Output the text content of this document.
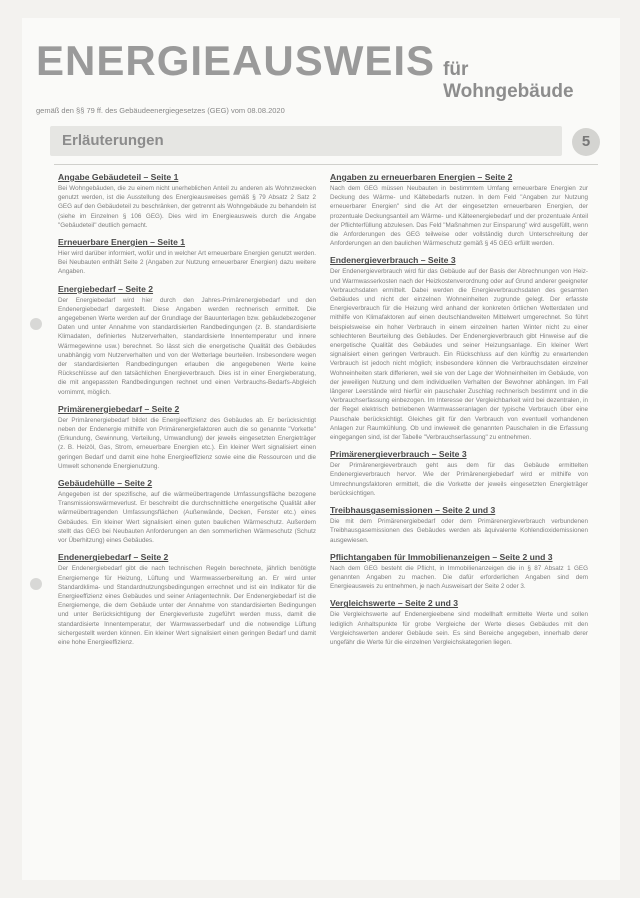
ENERGIEAUSWEIS für Wohngebäude
gemäß den §§ 79 ff. des Gebäudeenergiegesetzes (GEG) vom 08.08.2020
Erläuterungen	5
Angabe Gebäudeteil – Seite 1

Bei Wohngebäuden, die zu einem nicht unerheblichen Anteil zu anderen als Wohnzwecken genutzt werden, ist die Ausstellung des Energieausweises gemäß § 79 Absatz 2 Satz 2 GEG auf den Gebäudeteil zu beschränken, der getrennt als Wohngebäude zu behandeln ist (siehe im Einzelnen § 106 GEG). Dies wird im Energieausweis durch die Angabe "Gebäudeteil" deutlich gemacht.

Erneuerbare Energien – Seite 1

Hier wird darüber informiert, wofür und in welcher Art erneuerbare Energien genutzt werden. Bei Neubauten enthält Seite 2 (Angaben zur Nutzung erneuerbarer Energien) dazu weitere Angaben.

Energiebedarf – Seite 2

Der Energiebedarf wird hier durch den Jahres-Primärenergiebedarf und den Endenergiebedarf dargestellt. Diese Angaben werden rechnerisch ermittelt. Die angegebenen Werte werden auf der Grundlage der Bauunterlagen bzw. gebäudebezogener Daten und unter Annahme von standardisierten Randbedingungen (z. B. standardisierte Klimadaten, definiertes Nutzerverhalten, standardisierte Innentemperatur und innere Wärmegewinne usw.) berechnet. So lässt sich die energetische Qualität des Gebäudes unabhängig vom Nutzerverhalten und von der Wetterlage beurteilen. Insbesondere wegen der standardisierten Randbedingungen erlauben die angegebenen Werte keine Rückschlüsse auf den tatsächlichen Energieverbrauch. Dies ist in einer Energieberatung, die mit angepassten Randbedingungen rechnet und einen Verbrauchs-Bedarfs-Abgleich vornimmt, möglich.

Primärenergiebedarf – Seite 2

Der Primärenergiebedarf bildet die Energieeffizienz des Gebäudes ab. Er berücksichtigt neben der Endenergie mithilfe von Primärenergiefaktoren auch die so genannte "Vorkette" (Erkundung, Gewinnung, Verteilung, Umwandlung) der jeweils eingesetzten Energieträger (z. B. Heizöl, Gas, Strom, erneuerbare Energien etc.). Ein kleiner Wert signalisiert einen geringen Bedarf und damit eine hohe Energieeffizienz sowie eine die Ressourcen und die Umwelt schonende Energienutzung.

Gebäudehülle – Seite 2

Angegeben ist der spezifische, auf die wärmeübertragende Umfassungsfläche bezogene Transmissionswärmeverlust. Er beschreibt die durchschnittliche energetische Qualität aller wärmeübertragenden Umfassungsflächen (Außenwände, Decken, Fenster etc.) eines Gebäudes. Ein kleiner Wert signalisiert einen guten baulichen Wärmeschutz. Außerdem stellt das GEG bei Neubauten Anforderungen an den sommerlichen Wärmeschutz (Schutz vor Überhitzung) eines Gebäudes.

Endenergiebedarf – Seite 2

Der Endenergiebedarf gibt die nach technischen Regeln berechnete, jährlich benötigte Energiemenge für Heizung, Lüftung und Warmwasserbereitung an. Er wird unter Standardklima- und Standardnutzungsbedingungen errechnet und ist ein Indikator für die Energieeffizienz eines Gebäudes und seiner Anlagentechnik. Der Endenergiebedarf ist die Energiemenge, die dem Gebäude unter der Annahme von standardisierten Bedingungen und unter Berücksichtigung der Energieverluste zugeführt werden muss, damit die standardisierte Innentemperatur, der Warmwasserbedarf und die notwendige Lüftung sichergestellt werden können. Ein kleiner Wert signalisiert einen geringen Bedarf und damit eine hohe Energieeffizienz.

Angaben zu erneuerbaren Energien – Seite 2

Nach dem GEG müssen Neubauten in bestimmtem Umfang erneuerbare Energien zur Deckung des Wärme- und Kältebedarfs nutzen. In dem Feld "Angaben zur Nutzung erneuerbarer Energien" sind die Art der eingesetzten erneuerbaren Energien, der prozentuale Deckungsanteil am Wärme- und Kälteenergiebedarf und der prozentuale Anteil der Pflichterfüllung abzulesen. Das Feld "Maßnahmen zur Einsparung" wird ausgefüllt, wenn die Anforderungen des GEG teilweise oder vollständig durch Unterschreitung der Anforderungen an den baulichen Wärmeschutz gemäß § 45 GEG erfüllt werden.

Endenergieverbrauch – Seite 3

Der Endenergieverbrauch wird für das Gebäude auf der Basis der Abrechnungen von Heiz- und Warmwasserkosten nach der Heizkostenverordnung oder auf Grund anderer geeigneter Verbrauchsdaten ermittelt. Dabei werden die Energieverbrauchsdaten des gesamten Gebäudes und nicht der einzelnen Wohneinheiten zugrunde gelegt. Der erfasste Energieverbrauch für die Heizung wird anhand der konkreten örtlichen Wetterdaten und mithilfe von Klimafaktoren auf einen deutschlandweiten Mittelwert umgerechnet. So führt beispielsweise ein hoher Verbrauch in einem einzelnen harten Winter nicht zu einer schlechteren Beurteilung des Gebäudes. Der Endenergieverbrauch gibt Hinweise auf die energetische Qualität des Gebäudes und seiner Heizungsanlage. Ein kleiner Wert signalisiert einen geringen Verbrauch. Ein Rückschluss auf den künftig zu erwartenden Verbrauch ist jedoch nicht möglich; insbesondere können die Verbrauchsdaten einzelner Wohneinheiten stark differieren, weil sie von der Lage der Wohneinheiten im Gebäude, von der jeweiligen Nutzung und dem individuellen Verhalten der Bewohner abhängen. Im Fall längerer Leerstände wird hierfür ein pauschaler Zuschlag rechnerisch bestimmt und in die Verbrauchserfassung einbezogen. Im Interesse der Vergleichbarkeit wird bei dezentralen, in der Regel elektrisch betriebenen Warmwasseranlagen der typische Verbrauch über eine Pauschale berücksichtigt. Gleiches gilt für den Verbrauch von eventuell vorhandenen Anlagen zur Raumkühlung. Ob und inwieweit die genannten Pauschalen in die Erfassung eingegangen sind, ist der Tabelle "Verbrauchserfassung" zu entnehmen.

Primärenergieverbrauch – Seite 3

Der Primärenergieverbrauch geht aus dem für das Gebäude ermittelten Endenergieverbrauch hervor. Wie der Primärenergiebedarf wird er mithilfe von Umrechnungsfaktoren ermittelt, die die Vorkette der jeweils eingesetzten Energieträger berücksichtigen.

Treibhausgasemissionen – Seite 2 und 3

Die mit dem Primärenergiebedarf oder dem Primärenergieverbrauch verbundenen Treibhausgasemissionen des Gebäudes werden als äquivalente Kohlendioxidemissionen ausgewiesen.

Pflichtangaben für Immobilienanzeigen – Seite 2 und 3

Nach dem GEG besteht die Pflicht, in Immobilienanzeigen die in § 87 Absatz 1 GEG genannten Angaben zu machen. Die dafür erforderlichen Angaben sind dem Energieausweis zu entnehmen, je nach Ausweisart der Seite 2 oder 3.

Vergleichswerte – Seite 2 und 3

Die Vergleichswerte auf Endenergieebene sind modellhaft ermittelte Werte und sollen lediglich Anhaltspunkte für grobe Vergleiche der Werte dieses Gebäudes mit den Vergleichswerten anderer Gebäude sein. Es sind Bereiche angegeben, innerhalb derer ungefähr die Werte für die einzelnen Vergleichskategorien liegen.
